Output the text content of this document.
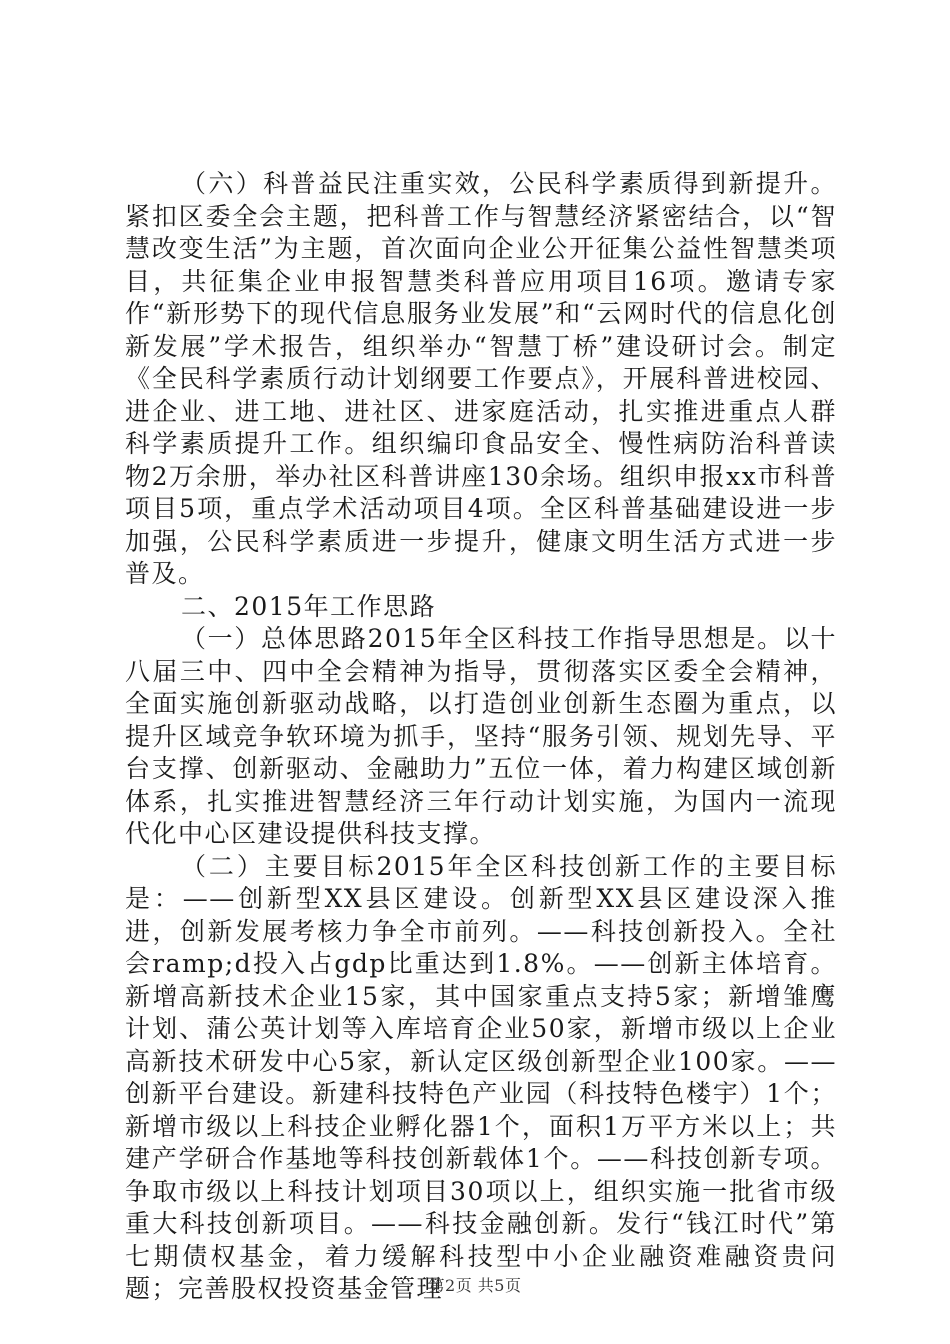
（六）科普益民注重实效，公民科学素质得到新提升。紧扣区委全会主题，把科普工作与智慧经济紧密结合，以“智慧改变生活”为主题，首次面向企业公开征集公益性智慧类项目，共征集企业申报智慧类科普应用项目16项。邀请专家作“新形势下的现代信息服务业发展”和“云网时代的信息化创新发展”学术报告，组织举办“智慧丁桥”建设研讨会。制定《全民科学素质行动计划纲要工作要点》，开展科普进校园、进企业、进工地、进社区、进家庭活动，扎实推进重点人群科学素质提升工作。组织编印食品安全、慢性病防治科普读物2万余册，举办社区科普讲座130余场。组织申报xx市科普项目5项，重点学术活动项目4项。全区科普基础建设进一步加强，公民科学素质进一步提升，健康文明生活方式进一步普及。

二、2015年工作思路

（一）总体思路2015年全区科技工作指导思想是。以十八届三中、四中全会精神为指导，贯彻落实区委全会精神，全面实施创新驱动战略，以打造创业创新生态圈为重点，以提升区域竞争软环境为抓手，坚持“服务引领、规划先导、平台支撑、创新驱动、金融助力”五位一体，着力构建区域创新体系，扎实推进智慧经济三年行动计划实施，为国内一流现代化中心区建设提供科技支撑。

（二）主要目标2015年全区科技创新工作的主要目标是：——创新型XX县区建设。创新型XX县区建设深入推进，创新发展考核力争全市前列。——科技创新投入。全社会ramp;d投入占gdp比重达到1.8%。——创新主体培育。新增高新技术企业15家，其中国家重点支持5家；新增雏鹰计划、蒲公英计划等入库培育企业50家，新增市级以上企业高新技术研发中心5家，新认定区级创新型企业100家。——创新平台建设。新建科技特色产业园（科技特色楼宇）1个；新增市级以上科技企业孵化器1个，面积1万平方米以上；共建产学研合作基地等科技创新载体1个。——科技创新专项。争取市级以上科技计划项目30项以上，组织实施一批省市级重大科技创新项目。——科技金融创新。发行“钱江时代”第七期债权基金，着力缓解科技型中小企业融资难融资贵问题；完善股权投资基金管理

第2页 共5页
